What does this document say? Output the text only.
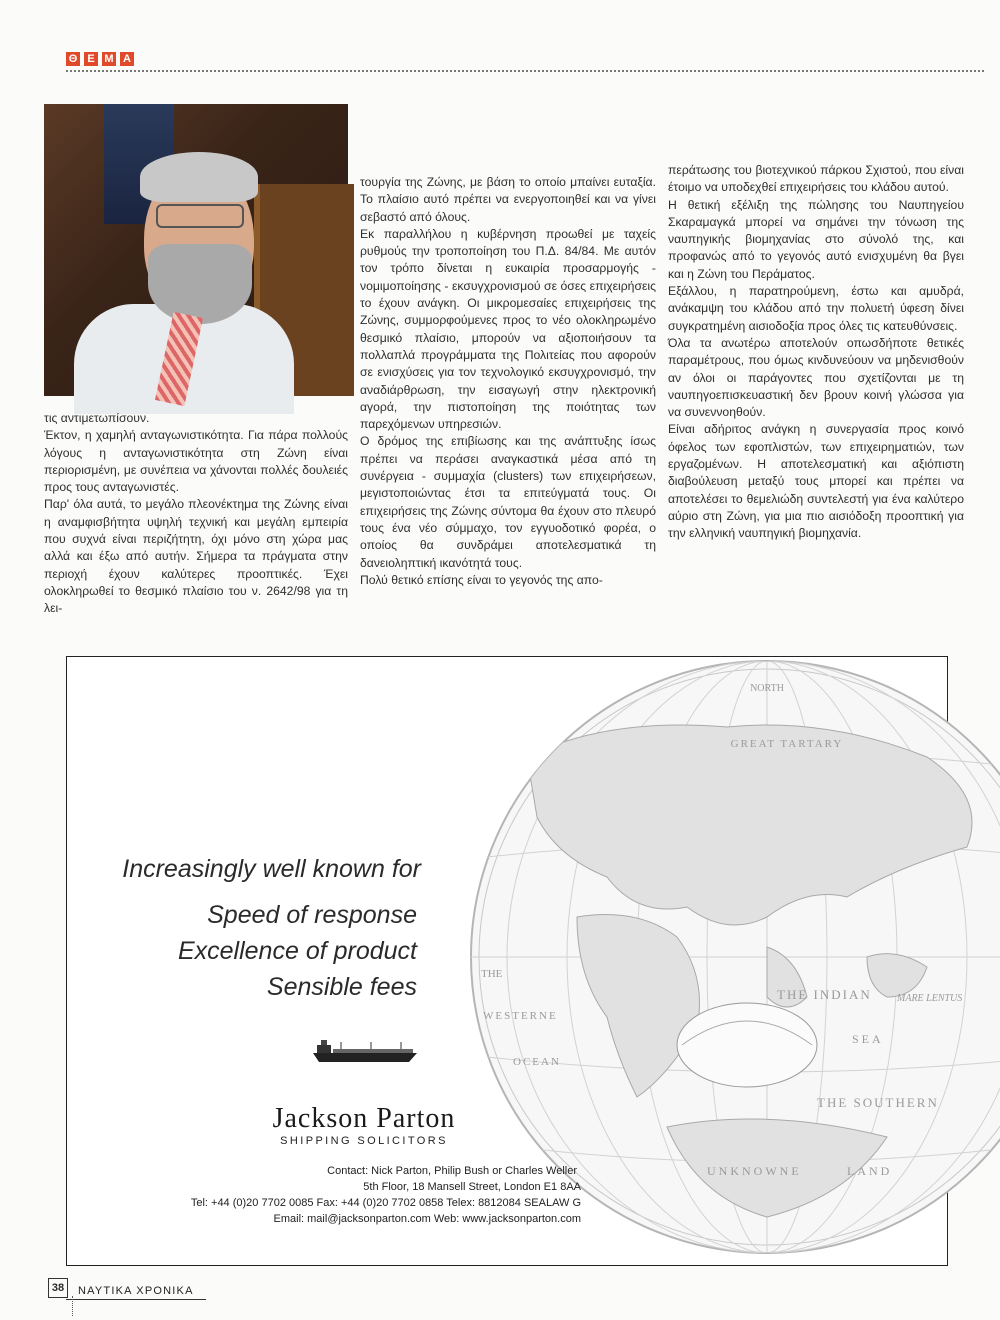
Θ Ε Μ Α

τις αντιμετωπίσουν.

Έκτον, η χαμηλή ανταγωνιστικότητα. Για πάρα πολλούς λόγους η ανταγωνιστικότητα στη Ζώνη είναι περιορισμένη, με συνέπεια να χάνονται πολλές δουλειές προς τους ανταγωνιστές.

Παρ' όλα αυτά, το μεγάλο πλεονέκτημα της Ζώνης είναι η αναμφισβήτητα υψηλή τεχνική και μεγάλη εμπειρία που συχνά είναι περιζήτητη, όχι μόνο στη χώρα μας αλλά και έξω από αυτήν. Σήμερα τα πράγματα στην περιοχή έχουν καλύτερες προοπτικές. Έχει ολοκληρωθεί το θεσμικό πλαίσιο του ν. 2642/98 για τη λει-

τουργία της Ζώνης, με βάση το οποίο μπαίνει ευταξία. Το πλαίσιο αυτό πρέπει να ενεργοποιηθεί και να γίνει σεβαστό από όλους.

Εκ παραλλήλου η κυβέρνηση προωθεί με ταχείς ρυθμούς την τροποποίηση του Π.Δ. 84/84. Με αυτόν τον τρόπο δίνεται η ευκαιρία προσαρμογής - νομιμοποίησης - εκσυγχρονισμού σε όσες επιχειρήσεις το έχουν ανάγκη. Οι μικρομεσαίες επιχειρήσεις της Ζώνης, συμμορφούμενες προς το νέο ολοκληρωμένο θεσμικό πλαίσιο, μπορούν να αξιοποιήσουν τα πολλαπλά προγράμματα της Πολιτείας που αφορούν σε ενισχύσεις για τον τεχνολογικό εκσυγχρονισμό, την αναδιάρθρωση, την εισαγωγή στην ηλεκτρονική αγορά, την πιστοποίηση της ποιότητας των παρεχόμενων υπηρεσιών.

Ο δρόμος της επιβίωσης και της ανάπτυξης ίσως πρέπει να περάσει αναγκαστικά μέσα από τη συνέργεια - συμμαχία (clusters) των επιχειρήσεων, μεγιστοποιώντας έτσι τα επιτεύγματά τους. Οι επιχειρήσεις της Ζώνης σύντομα θα έχουν στο πλευρό τους ένα νέο σύμμαχο, τον εγγυοδοτικό φορέα, ο οποίος θα συνδράμει αποτελεσματικά τη δανειοληπτική ικανότητά τους.

Πολύ θετικό επίσης είναι το γεγονός της απο-

περάτωσης του βιοτεχνικού πάρκου Σχιστού, που είναι έτοιμο να υποδεχθεί επιχειρήσεις του κλάδου αυτού.

Η θετική εξέλιξη της πώλησης του Ναυπηγείου Σκαραμαγκά μπορεί να σημάνει την τόνωση της ναυπηγικής βιομηχανίας στο σύνολό της, και προφανώς από το γεγονός αυτό ενισχυμένη θα βγει και η Ζώνη του Περάματος.

Εξάλλου, η παρατηρούμενη, έστω και αμυδρά, ανάκαμψη του κλάδου από την πολυετή ύφεση δίνει συγκρατημένη αισιοδοξία προς όλες τις κατευθύνσεις.

Όλα τα ανωτέρω αποτελούν οπωσδήποτε θετικές παραμέτρους, που όμως κινδυνεύουν να μηδενισθούν αν όλοι οι παράγοντες που σχετίζονται με τη ναυπηγοεπισκευαστική δεν βρουν κοινή γλώσσα για να συνεννοηθούν.

Είναι αδήριτος ανάγκη η συνεργασία προς κοινό όφελος των εφοπλιστών, των επιχειρηματιών, των εργαζομένων. Η αποτελεσματική και αξιόπιστη διαβούλευση μεταξύ τους μπορεί και πρέπει να αποτελέσει το θεμελιώδη συντελεστή για ένα καλύτερο αύριο στη Ζώνη, για μια πιο αισιόδοξη προοπτική για την ελληνική ναυπηγική βιομηχανία.

NORTH
GREAT TARTARY
THE
WESTERNE
OCEAN
THE INDIAN	MARE LENTUS
SEA
THE SOUTHERN
UNKNOWNE	LAND
Increasingly well known for
Speed of response
Excellence of product
Sensible fees
Jackson Parton
SHIPPING SOLICITORS
Contact: Nick Parton, Philip Bush or Charles Weller
5th Floor, 18 Mansell Street, London E1 8AA
Tel: +44 (0)20 7702 0085 Fax: +44 (0)20 7702 0858 Telex: 8812084 SEALAW G
Email: mail@jacksonparton.com Web: www.jacksonparton.com
38	ΝΑΥΤΙΚΑ ΧΡΟΝΙΚΑ
